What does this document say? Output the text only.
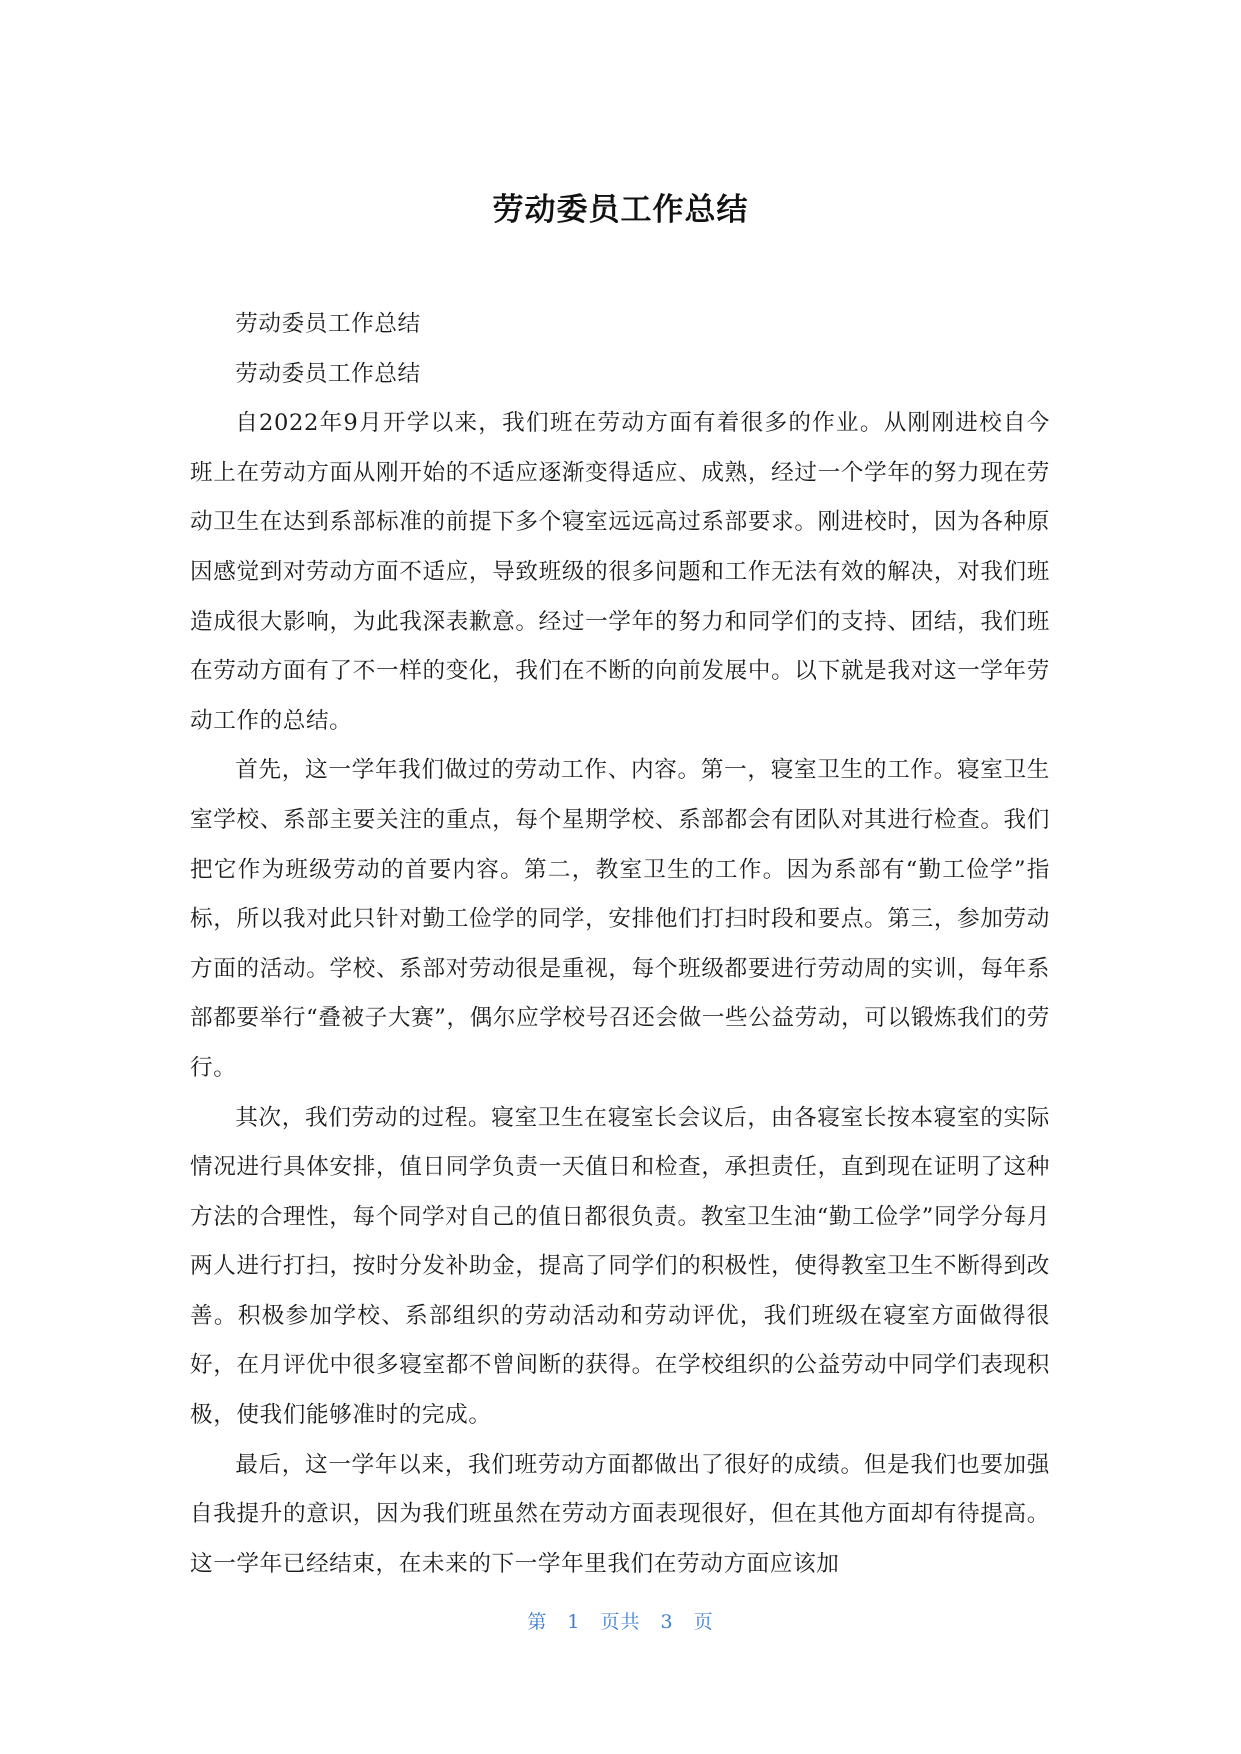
劳动委员工作总结

劳动委员工作总结

劳动委员工作总结

自2022年9月开学以来，我们班在劳动方面有着很多的作业。从刚刚进校自今班上在劳动方面从刚开始的不适应逐渐变得适应、成熟，经过一个学年的努力现在劳动卫生在达到系部标准的前提下多个寝室远远高过系部要求。刚进校时，因为各种原因感觉到对劳动方面不适应，导致班级的很多问题和工作无法有效的解决，对我们班造成很大影响，为此我深表歉意。经过一学年的努力和同学们的支持、团结，我们班在劳动方面有了不一样的变化，我们在不断的向前发展中。以下就是我对这一学年劳动工作的总结。

首先，这一学年我们做过的劳动工作、内容。第一，寝室卫生的工作。寝室卫生室学校、系部主要关注的重点，每个星期学校、系部都会有团队对其进行检查。我们把它作为班级劳动的首要内容。第二，教室卫生的工作。因为系部有“勤工俭学”指标，所以我对此只针对勤工俭学的同学，安排他们打扫时段和要点。第三，参加劳动方面的活动。学校、系部对劳动很是重视，每个班级都要进行劳动周的实训，每年系部都要举行“叠被子大赛”，偶尔应学校号召还会做一些公益劳动，可以锻炼我们的劳行。

其次，我们劳动的过程。寝室卫生在寝室长会议后，由各寝室长按本寝室的实际情况进行具体安排，值日同学负责一天值日和检查，承担责任，直到现在证明了这种方法的合理性，每个同学对自己的值日都很负责。教室卫生油“勤工俭学”同学分每月两人进行打扫，按时分发补助金，提高了同学们的积极性，使得教室卫生不断得到改善。积极参加学校、系部组织的劳动活动和劳动评优，我们班级在寝室方面做得很好，在月评优中很多寝室都不曾间断的获得。在学校组织的公益劳动中同学们表现积极，使我们能够准时的完成。

最后，这一学年以来，我们班劳动方面都做出了很好的成绩。但是我们也要加强自我提升的意识，因为我们班虽然在劳动方面表现很好，但在其他方面却有待提高。这一学年已经结束，在未来的下一学年里我们在劳动方面应该加

第 1 页共 3 页
